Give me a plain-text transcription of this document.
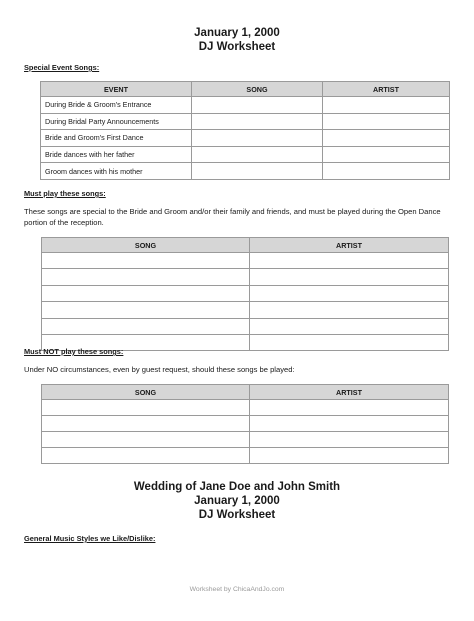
January 1, 2000
DJ Worksheet
Special Event Songs:
EVENT	SONG	ARTIST
During Bride & Groom's Entrance		
During Bridal Party Announcements		
Bride and Groom's First Dance		
Bride dances with her father		
Groom dances with his mother		
Must play these songs:
These songs are special to the Bride and Groom and/or their family and friends, and must be played during the Open Dance portion of the reception.
SONG	ARTIST

Must NOT play these songs:
Under NO circumstances, even by guest request, should these songs be played:
SONG	ARTIST

Wedding of Jane Doe and John Smith
January 1, 2000
DJ Worksheet
General Music Styles we Like/Dislike:
Worksheet by ChicaAndJo.com
